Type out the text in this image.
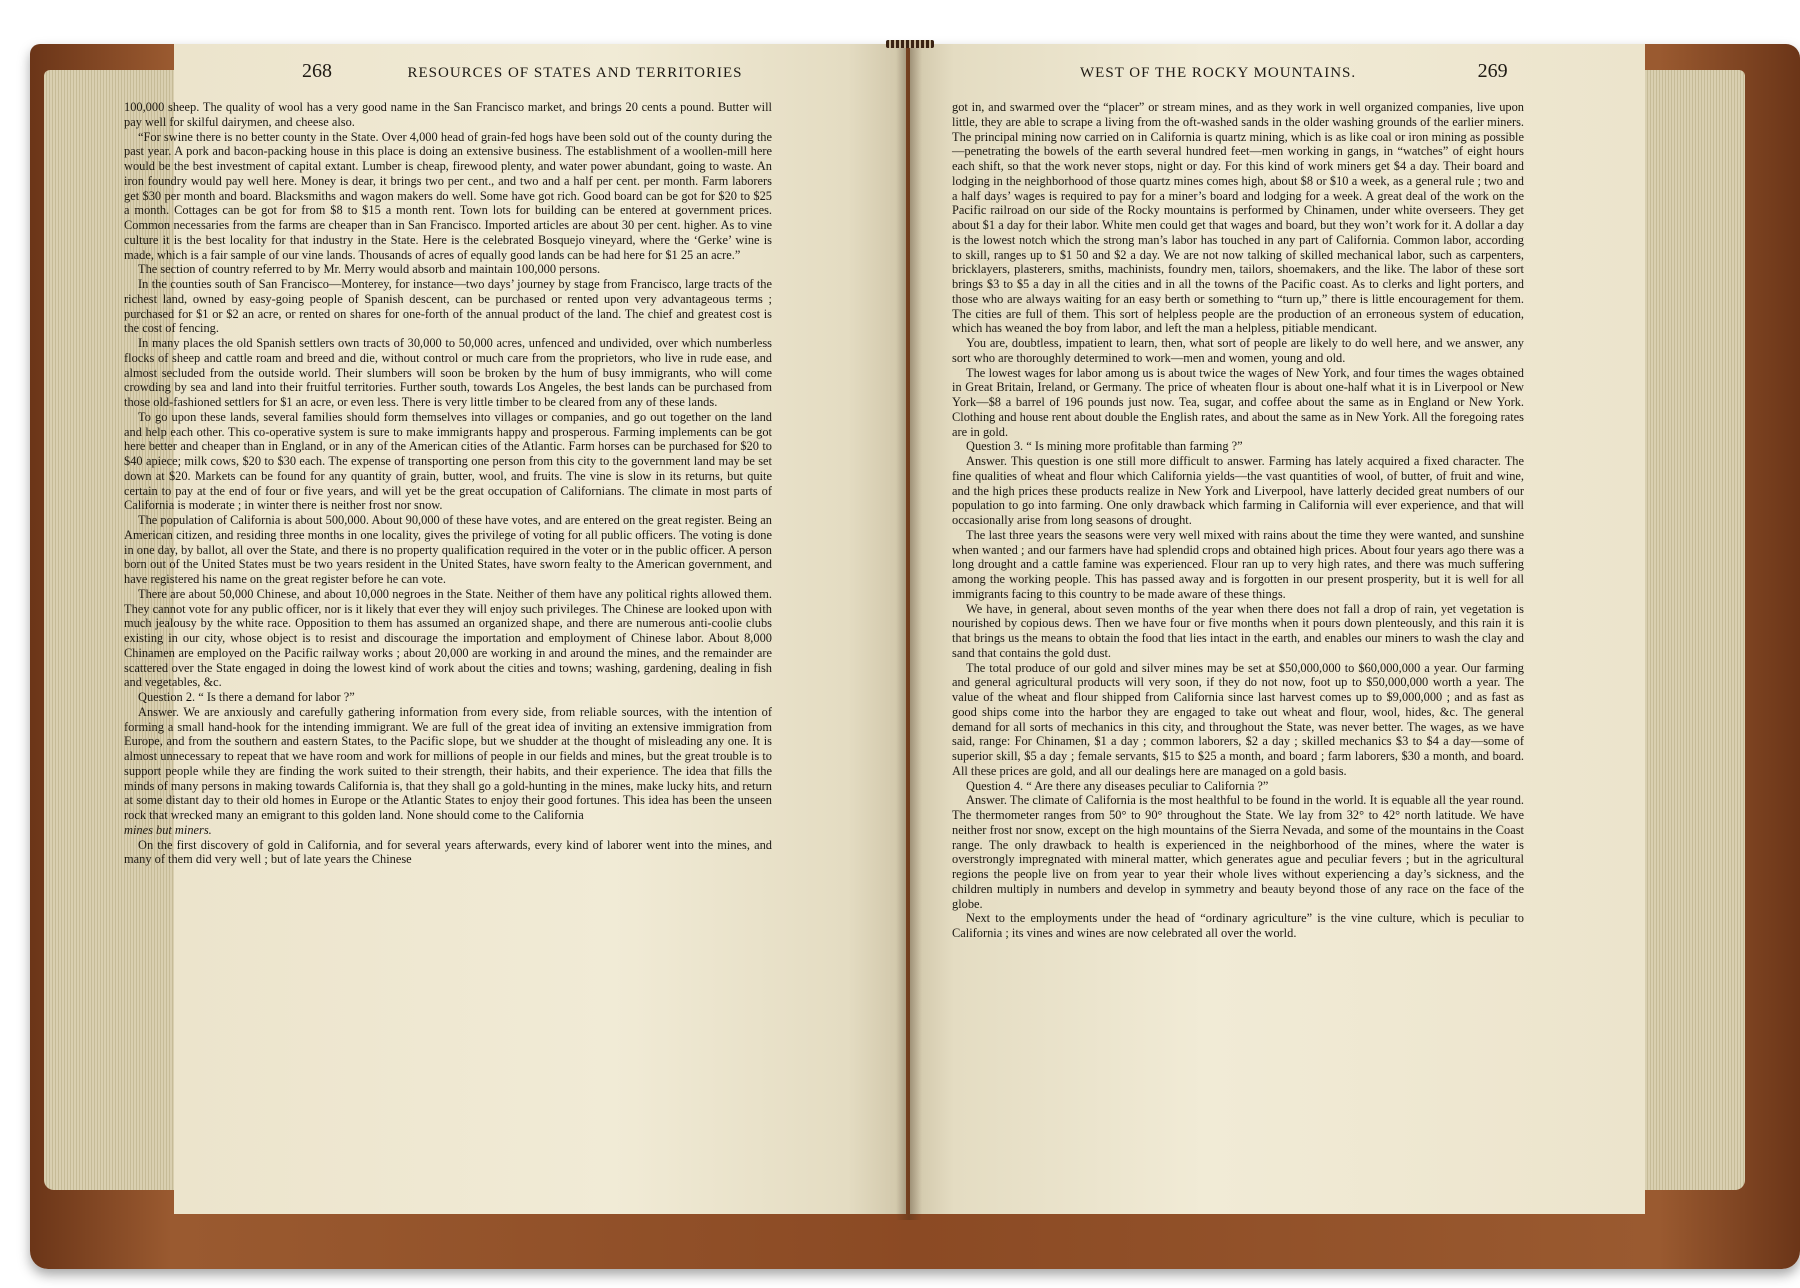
268	RESOURCES OF STATES AND TERRITORIES	WEST OF THE ROCKY MOUNTAINS.	269

100,000 sheep. The quality of wool has a very good name in the San Francisco market, and brings 20 cents a pound. Butter will pay well for skilful dairymen, and cheese also.

“For swine there is no better county in the State. Over 4,000 head of grain-fed hogs have been sold out of the county during the past year. A pork and bacon-packing house in this place is doing an extensive business. The establishment of a woollen-mill here would be the best investment of capital extant. Lumber is cheap, firewood plenty, and water power abundant, going to waste. An iron foundry would pay well here. Money is dear, it brings two per cent., and two and a half per cent. per month. Farm laborers get $30 per month and board. Blacksmiths and wagon makers do well. Some have got rich. Good board can be got for $20 to $25 a month. Cottages can be got for from $8 to $15 a month rent. Town lots for building can be entered at government prices. Common necessaries from the farms are cheaper than in San Francisco. Imported articles are about 30 per cent. higher. As to vine culture it is the best locality for that industry in the State. Here is the celebrated Bosquejo vineyard, where the ‘Gerke’ wine is made, which is a fair sample of our vine lands. Thousands of acres of equally good lands can be had here for $1 25 an acre.”

The section of country referred to by Mr. Merry would absorb and maintain 100,000 persons.

In the counties south of San Francisco—Monterey, for instance—two days’ journey by stage from Francisco, large tracts of the richest land, owned by easy-going people of Spanish descent, can be purchased or rented upon very advantageous terms ; purchased for $1 or $2 an acre, or rented on shares for one-forth of the annual product of the land. The chief and greatest cost is the cost of fencing.

In many places the old Spanish settlers own tracts of 30,000 to 50,000 acres, unfenced and undivided, over which numberless flocks of sheep and cattle roam and breed and die, without control or much care from the proprietors, who live in rude ease, and almost secluded from the outside world. Their slumbers will soon be broken by the hum of busy immigrants, who will come crowding by sea and land into their fruitful territories. Further south, towards Los Angeles, the best lands can be purchased from those old-fashioned settlers for $1 an acre, or even less. There is very little timber to be cleared from any of these lands.

To go upon these lands, several families should form themselves into villages or companies, and go out together on the land and help each other. This co-operative system is sure to make immigrants happy and prosperous. Farming implements can be got here better and cheaper than in England, or in any of the American cities of the Atlantic. Farm horses can be purchased for $20 to $40 apiece; milk cows, $20 to $30 each. The expense of transporting one person from this city to the government land may be set down at $20. Markets can be found for any quantity of grain, butter, wool, and fruits. The vine is slow in its returns, but quite certain to pay at the end of four or five years, and will yet be the great occupation of Californians. The climate in most parts of California is moderate ; in winter there is neither frost nor snow.

The population of California is about 500,000. About 90,000 of these have votes, and are entered on the great register. Being an American citizen, and residing three months in one locality, gives the privilege of voting for all public officers. The voting is done in one day, by ballot, all over the State, and there is no property qualification required in the voter or in the public officer. A person born out of the United States must be two years resident in the United States, have sworn fealty to the American government, and have registered his name on the great register before he can vote.

There are about 50,000 Chinese, and about 10,000 negroes in the State. Neither of them have any political rights allowed them. They cannot vote for any public officer, nor is it likely that ever they will enjoy such privileges. The Chinese are looked upon with much jealousy by the white race. Opposition to them has assumed an organized shape, and there are numerous anti-coolie clubs existing in our city, whose object is to resist and discourage the importation and employment of Chinese labor. About 8,000 Chinamen are employed on the Pacific railway works ; about 20,000 are working in and around the mines, and the remainder are scattered over the State engaged in doing the lowest kind of work about the cities and towns; washing, gardening, dealing in fish and vegetables, &c.

Question 2. “ Is there a demand for labor ?”

Answer. We are anxiously and carefully gathering information from every side, from reliable sources, with the intention of forming a small hand-hook for the intending immigrant. We are full of the great idea of inviting an extensive immigration from Europe, and from the southern and eastern States, to the Pacific slope, but we shudder at the thought of misleading any one. It is almost unnecessary to repeat that we have room and work for millions of people in our fields and mines, but the great trouble is to support people while they are finding the work suited to their strength, their habits, and their experience. The idea that fills the minds of many persons in making towards California is, that they shall go a gold-hunting in the mines, make lucky hits, and return at some distant day to their old homes in Europe or the Atlantic States to enjoy their good fortunes. This idea has been the unseen rock that wrecked many an emigrant to this golden land. None should come to the California

mines but miners.

On the first discovery of gold in California, and for several years afterwards, every kind of laborer went into the mines, and many of them did very well ; but of late years the Chinese

got in, and swarmed over the “placer” or stream mines, and as they work in well organized companies, live upon little, they are able to scrape a living from the oft-washed sands in the older washing grounds of the earlier miners. The principal mining now carried on in California is quartz mining, which is as like coal or iron mining as possible—penetrating the bowels of the earth several hundred feet—men working in gangs, in “watches” of eight hours each shift, so that the work never stops, night or day. For this kind of work miners get $4 a day. Their board and lodging in the neighborhood of those quartz mines comes high, about $8 or $10 a week, as a general rule ; two and a half days’ wages is required to pay for a miner’s board and lodging for a week. A great deal of the work on the Pacific railroad on our side of the Rocky mountains is performed by Chinamen, under white overseers. They get about $1 a day for their labor. White men could get that wages and board, but they won’t work for it. A dollar a day is the lowest notch which the strong man’s labor has touched in any part of California. Common labor, according to skill, ranges up to $1 50 and $2 a day. We are not now talking of skilled mechanical labor, such as carpenters, bricklayers, plasterers, smiths, machinists, foundry men, tailors, shoemakers, and the like. The labor of these sort brings $3 to $5 a day in all the cities and in all the towns of the Pacific coast. As to clerks and light porters, and those who are always waiting for an easy berth or something to “turn up,” there is little encouragement for them. The cities are full of them. This sort of helpless people are the production of an erroneous system of education, which has weaned the boy from labor, and left the man a helpless, pitiable mendicant.

You are, doubtless, impatient to learn, then, what sort of people are likely to do well here, and we answer, any sort who are thoroughly determined to work—men and women, young and old.

The lowest wages for labor among us is about twice the wages of New York, and four times the wages obtained in Great Britain, Ireland, or Germany. The price of wheaten flour is about one-half what it is in Liverpool or New York—$8 a barrel of 196 pounds just now. Tea, sugar, and coffee about the same as in England or New York. Clothing and house rent about double the English rates, and about the same as in New York. All the foregoing rates are in gold.

Question 3. “ Is mining more profitable than farming ?”

Answer. This question is one still more difficult to answer. Farming has lately acquired a fixed character. The fine qualities of wheat and flour which California yields—the vast quantities of wool, of butter, of fruit and wine, and the high prices these products realize in New York and Liverpool, have latterly decided great numbers of our population to go into farming. One only drawback which farming in California will ever experience, and that will occasionally arise from long seasons of drought.

The last three years the seasons were very well mixed with rains about the time they were wanted, and sunshine when wanted ; and our farmers have had splendid crops and obtained high prices. About four years ago there was a long drought and a cattle famine was experienced. Flour ran up to very high rates, and there was much suffering among the working people. This has passed away and is forgotten in our present prosperity, but it is well for all immigrants facing to this country to be made aware of these things.

We have, in general, about seven months of the year when there does not fall a drop of rain, yet vegetation is nourished by copious dews. Then we have four or five months when it pours down plenteously, and this rain it is that brings us the means to obtain the food that lies intact in the earth, and enables our miners to wash the clay and sand that contains the gold dust.

The total produce of our gold and silver mines may be set at $50,000,000 to $60,000,000 a year. Our farming and general agricultural products will very soon, if they do not now, foot up to $50,000,000 worth a year. The value of the wheat and flour shipped from California since last harvest comes up to $9,000,000 ; and as fast as good ships come into the harbor they are engaged to take out wheat and flour, wool, hides, &c. The general demand for all sorts of mechanics in this city, and throughout the State, was never better. The wages, as we have said, range: For Chinamen, $1 a day ; common laborers, $2 a day ; skilled mechanics $3 to $4 a day—some of superior skill, $5 a day ; female servants, $15 to $25 a month, and board ; farm laborers, $30 a month, and board. All these prices are gold, and all our dealings here are managed on a gold basis.

Question 4. “ Are there any diseases peculiar to California ?”

Answer. The climate of California is the most healthful to be found in the world. It is equable all the year round. The thermometer ranges from 50° to 90° throughout the State. We lay from 32° to 42° north latitude. We have neither frost nor snow, except on the high mountains of the Sierra Nevada, and some of the mountains in the Coast range. The only drawback to health is experienced in the neighborhood of the mines, where the water is overstrongly impregnated with mineral matter, which generates ague and peculiar fevers ; but in the agricultural regions the people live on from year to year their whole lives without experiencing a day’s sickness, and the children multiply in numbers and develop in symmetry and beauty beyond those of any race on the face of the globe.

Next to the employments under the head of “ordinary agriculture” is the vine culture, which is peculiar to California ; its vines and wines are now celebrated all over the world.
